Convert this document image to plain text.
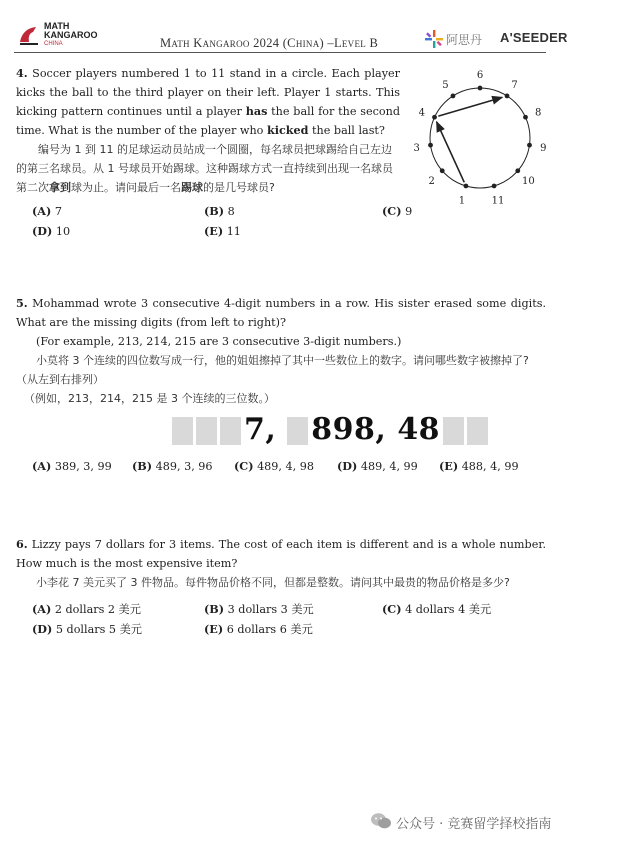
MATH
KANGAROO
CHINA	Math Kangaroo 2024 (China) –Level B	阿思丹 A'SEEDER

4. Soccer players numbered 1 to 11 stand in a circle. Each player kicks the ball to the third player on their left. Player 1 starts. This kicking pattern continues until a player has the ball for the second time. What is the number of the player who kicked the ball last?

编号为 1 到 11 的足球运动员站成一个圆圈，每名球员把球踢给自己左边的第三名球员。从 1 号球员开始踢球。这种踢球方式一直持续到出现一名球员第二次拿到球为止。请问最后一名踢球的是几号球员?

(A) 7	(B) 8	(C) 9
(D) 10	(E) 11
1
2
3
4
5
6
7
8
9
10
11

5. Mohammad wrote 3 consecutive 4-digit numbers in a row. His sister erased some digits. What are the missing digits (from left to right)?

(For example, 213, 214, 215 are 3 consecutive 3-digit numbers.)

小莫将 3 个连续的四位数写成一行，他的姐姐擦掉了其中一些数位上的数字。请问哪些数字被擦掉了?（从左到右排列）

（例如，213，214，215 是 3 个连续的三位数。）

7, 898, 48
(A) 389, 3, 99 (B) 489, 3, 96 (C) 489, 4, 98 (D) 489, 4, 99 (E) 488, 4, 99

6. Lizzy pays 7 dollars for 3 items. The cost of each item is different and is a whole number. How much is the most expensive item?

小李花 7 美元买了 3 件物品。每件物品价格不同，但都是整数。请问其中最贵的物品价格是多少?

(A) 2 dollars 2 美元	(B) 3 dollars 3 美元	(C) 4 dollars 4 美元
(D) 5 dollars 5 美元	(E) 6 dollars 6 美元
公众号 · 竞赛留学择校指南
